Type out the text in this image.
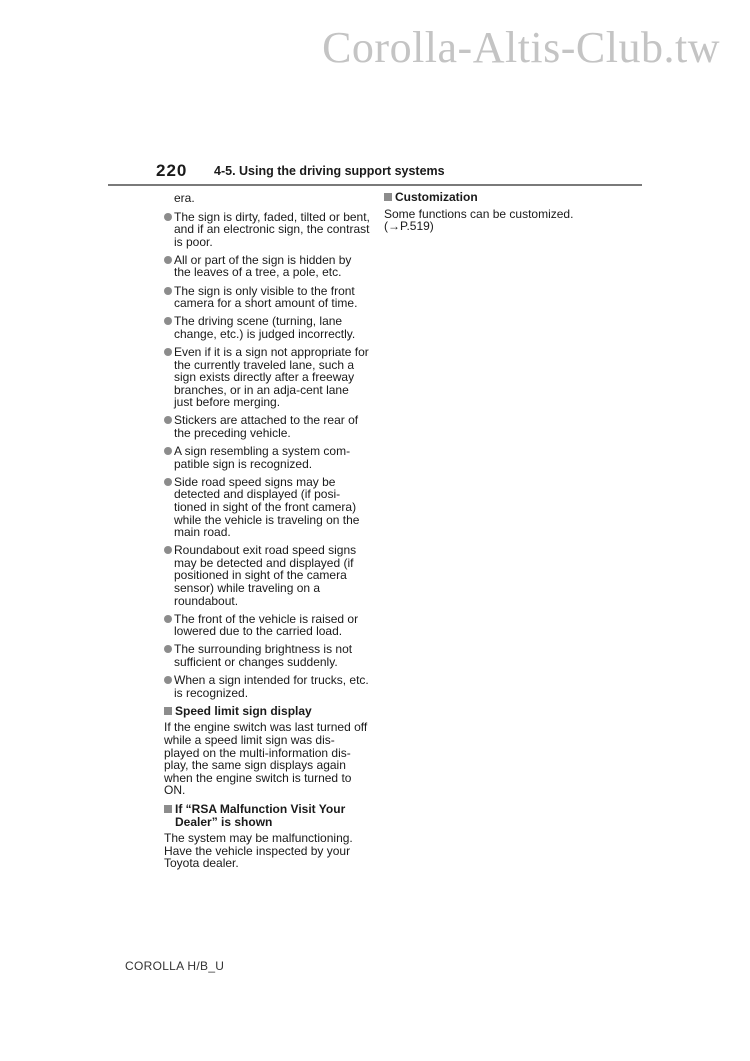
Corolla-Altis-Club.tw
220 4-5. Using the driving support systems
era.
The sign is dirty, faded, tilted or bent, and if an electronic sign, the contrast is poor.
All or part of the sign is hidden by the leaves of a tree, a pole, etc.
The sign is only visible to the front camera for a short amount of time.
The driving scene (turning, lane change, etc.) is judged incorrectly.
Even if it is a sign not appropriate for the currently traveled lane, such a sign exists directly after a freeway branches, or in an adja-cent lane just before merging.
Stickers are attached to the rear of the preceding vehicle.
A sign resembling a system com-patible sign is recognized.
Side road speed signs may be detected and displayed (if posi-tioned in sight of the front camera) while the vehicle is traveling on the main road.
Roundabout exit road speed signs may be detected and displayed (if positioned in sight of the camera sensor) while traveling on a roundabout.
The front of the vehicle is raised or lowered due to the carried load.
The surrounding brightness is not sufficient or changes suddenly.
When a sign intended for trucks, etc. is recognized.
Speed limit sign display
If the engine switch was last turned off while a speed limit sign was dis-played on the multi-information dis-play, the same sign displays again when the engine switch is turned to ON.
If “RSA Malfunction Visit Your Dealer” is shown
The system may be malfunctioning. Have the vehicle inspected by your Toyota dealer.
Customization
Some functions can be customized. (→P.519)
COROLLA H/B_U
